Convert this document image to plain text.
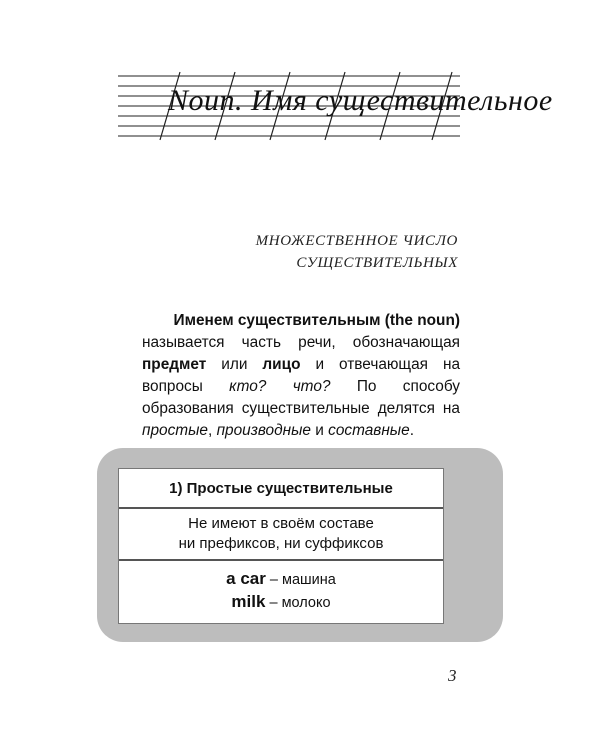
Noun. Имя существительное
МНОЖЕСТВЕННОЕ ЧИСЛО
СУЩЕСТВИТЕЛЬНЫХ
Именем существительным (the noun)
называется часть речи, обозначающая предмет или лицо и отвечающая на вопросы кто? что? По способу образования существительные делятся на простые, производные и составные.
1) Простые существительные
Не имеют в своём составе
ни префиксов, ни суффиксов
a car – машина
milk – молоко
3
